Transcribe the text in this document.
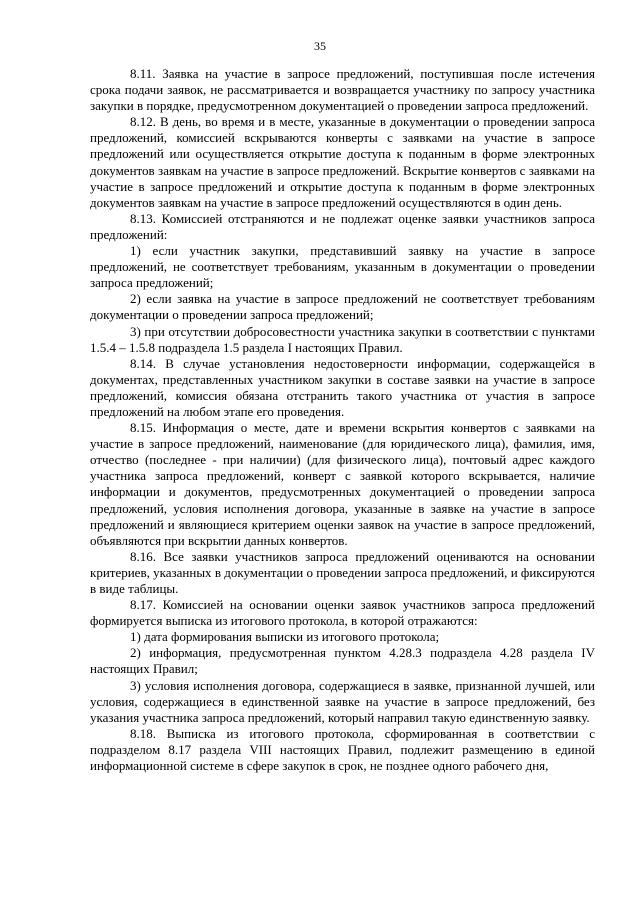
35

8.11. Заявка на участие в запросе предложений, поступившая после истечения срока подачи заявок, не рассматривается и возвращается участнику по запросу участника закупки в порядке, предусмотренном документацией о проведении запроса предложений.

8.12. В день, во время и в месте, указанные в документации о проведении запроса предложений, комиссией вскрываются конверты с заявками на участие в запросе предложений или осуществляется открытие доступа к поданным в форме электронных документов заявкам на участие в запросе предложений. Вскрытие конвертов с заявками на участие в запросе предложений и открытие доступа к поданным в форме электронных документов заявкам на участие в запросе предложений осуществляются в один день.

8.13. Комиссией отстраняются и не подлежат оценке заявки участников запроса предложений:

1) если участник закупки, представивший заявку на участие в запросе предложений, не соответствует требованиям, указанным в документации о проведении запроса предложений;

2) если заявка на участие в запросе предложений не соответствует требованиям документации о проведении запроса предложений;

3) при отсутствии добросовестности участника закупки в соответствии с пунктами 1.5.4 – 1.5.8 подраздела 1.5 раздела I настоящих Правил.

8.14. В случае установления недостоверности информации, содержащейся в документах, представленных участником закупки в составе заявки на участие в запросе предложений, комиссия обязана отстранить такого участника от участия в запросе предложений на любом этапе его проведения.

8.15. Информация о месте, дате и времени вскрытия конвертов с заявками на участие в запросе предложений, наименование (для юридического лица), фамилия, имя, отчество (последнее - при наличии) (для физического лица), почтовый адрес каждого участника запроса предложений, конверт с заявкой которого вскрывается, наличие информации и документов, предусмотренных документацией о проведении запроса предложений, условия исполнения договора, указанные в заявке на участие в запросе предложений и являющиеся критерием оценки заявок на участие в запросе предложений, объявляются при вскрытии данных конвертов.

8.16. Все заявки участников запроса предложений оцениваются на основании критериев, указанных в документации о проведении запроса предложений, и фиксируются в виде таблицы.

8.17. Комиссией на основании оценки заявок участников запроса предложений формируется выписка из итогового протокола, в которой отражаются:

1) дата формирования выписки из итогового протокола;

2) информация, предусмотренная пунктом 4.28.3 подраздела 4.28 раздела IV настоящих Правил;

3) условия исполнения договора, содержащиеся в заявке, признанной лучшей, или условия, содержащиеся в единственной заявке на участие в запросе предложений, без указания участника запроса предложений, который направил такую единственную заявку.

8.18. Выписка из итогового протокола, сформированная в соответствии с подразделом 8.17 раздела VIII настоящих Правил, подлежит размещению в единой информационной системе в сфере закупок в срок, не позднее одного рабочего дня,
